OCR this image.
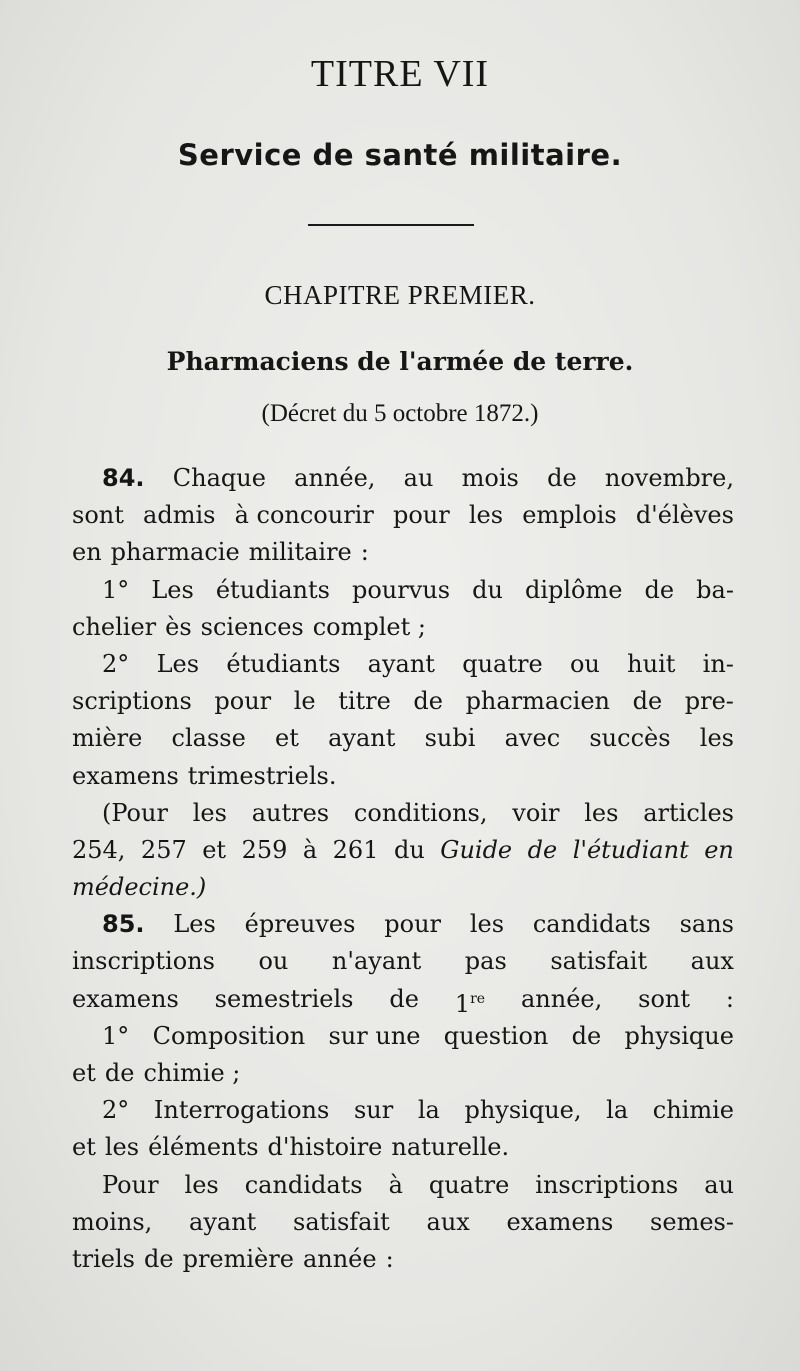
TITRE VII
Service de santé militaire.
CHAPITRE PREMIER.
Pharmaciens de l'armée de terre.
(Décret du 5 octobre 1872.)
84. Chaque année, au mois de novembre,
sont admis à concourir pour les emplois d'élèves
en pharmacie militaire :
1° Les étudiants pourvus du diplôme de ba-
chelier ès sciences complet ;
2° Les étudiants ayant quatre ou huit in-
scriptions pour le titre de pharmacien de pre-
mière classe et ayant subi avec succès les
examens trimestriels.
(Pour les autres conditions, voir les articles
254, 257 et 259 à 261 du Guide de l'étudiant en
médecine.)
85. Les épreuves pour les candidats sans
inscriptions ou n'ayant pas satisfait aux
examens semestriels de 1re année, sont :
1° Composition sur une question de physique
et de chimie ;
2° Interrogations sur la physique, la chimie
et les éléments d'histoire naturelle.
Pour les candidats à quatre inscriptions au
moins, ayant satisfait aux examens semes-
triels de première année :
